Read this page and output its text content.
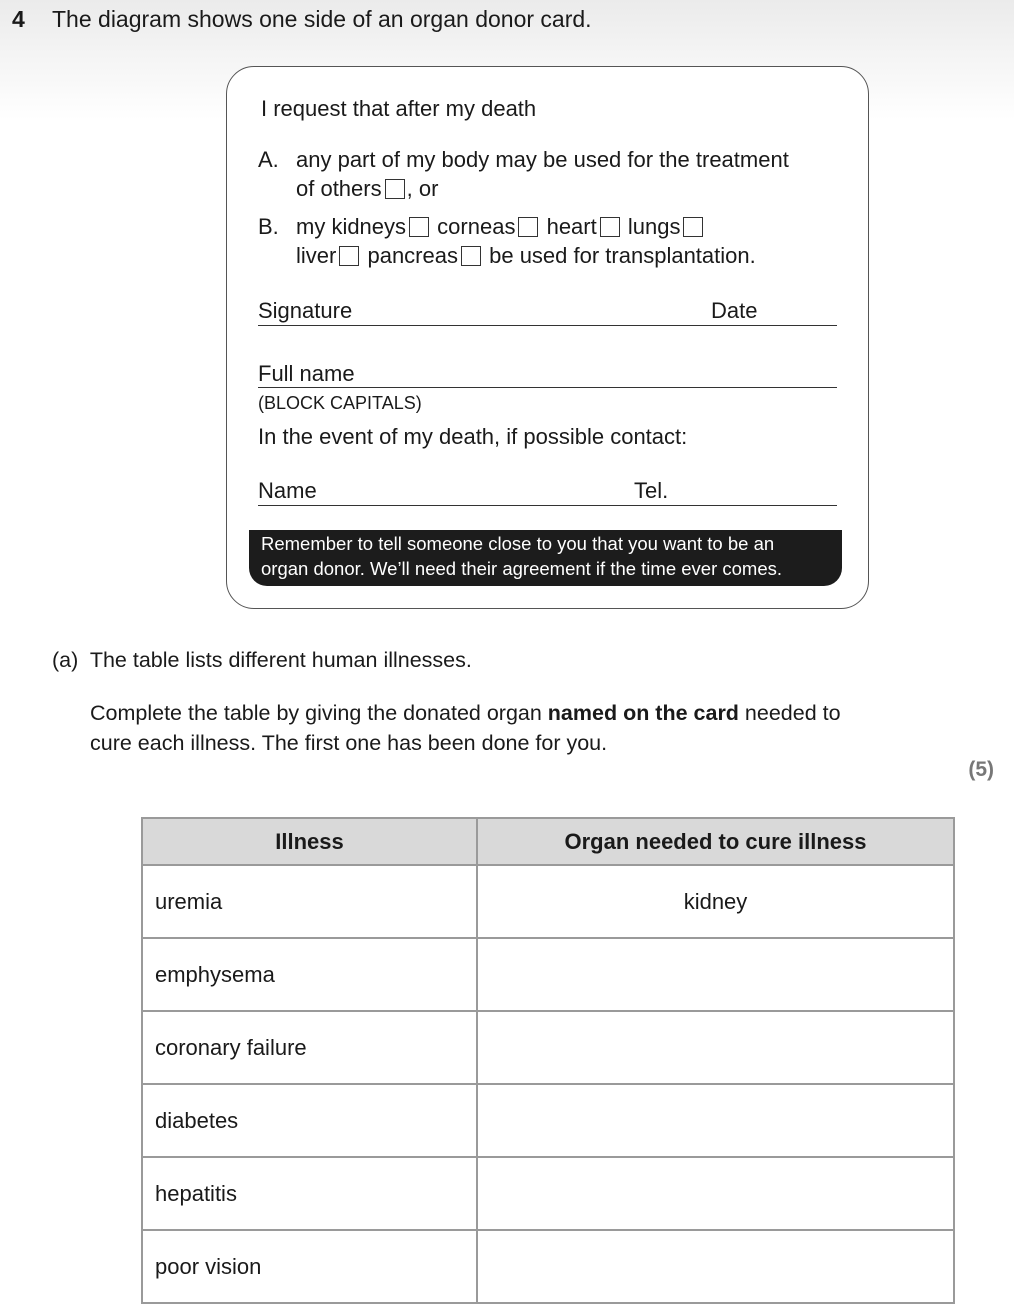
4 The diagram shows one side of an organ donor card.
I request that after my death
A. any part of my body may be used for the treatment
of others , or
B. my kidneys corneas heart lungs
liver pancreas be used for transplantation.
Signature	Date
Full name
(BLOCK CAPITALS)
In the event of my death, if possible contact:
Name	Tel.
Remember to tell someone close to you that you want to be an
organ donor. We’ll need their agreement if the time ever comes.
(a) The table lists different human illnesses.
Complete the table by giving the donated organ named on the card needed to
cure each illness. The first one has been done for you.
(5)
Illness	Organ needed to cure illness
uremia	kidney
emphysema	
coronary failure	
diabetes	
hepatitis	
poor vision	
